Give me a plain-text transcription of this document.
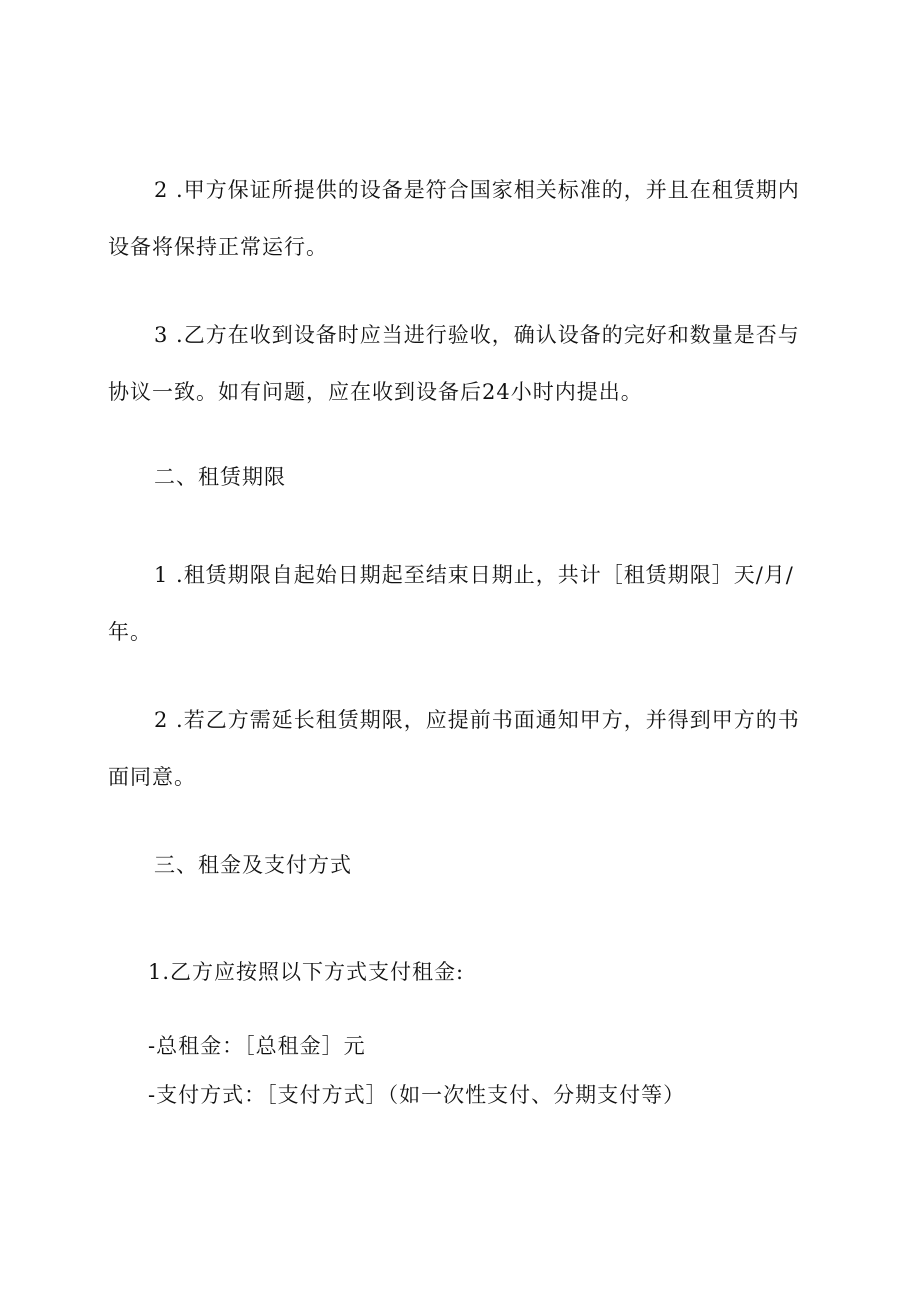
2 .甲方保证所提供的设备是符合国家相关标准的，并且在租赁期内设备将保持正常运行。

3 .乙方在收到设备时应当进行验收，确认设备的完好和数量是否与协议一致。如有问题，应在收到设备后24小时内提出。

二、租赁期限

1 .租赁期限自起始日期起至结束日期止，共计［租赁期限］天/月/年。

2 .若乙方需延长租赁期限，应提前书面通知甲方，并得到甲方的书面同意。

三、租金及支付方式

1.乙方应按照以下方式支付租金:

-总租金：［总租金］元

-支付方式：［支付方式］（如一次性支付、分期支付等）
